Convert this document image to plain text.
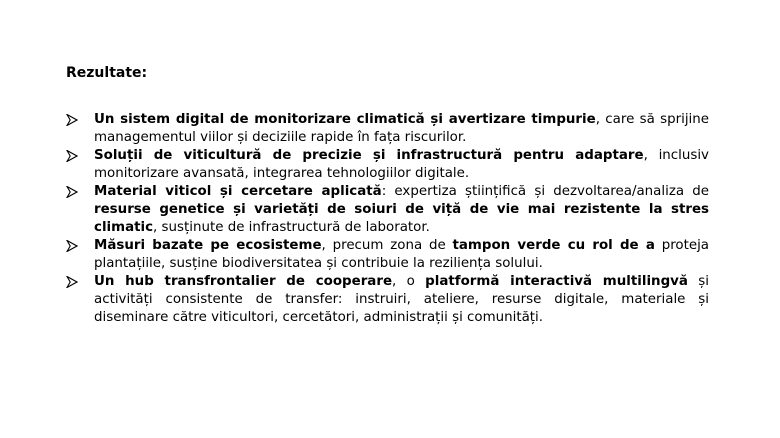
Rezultate:

Un sistem digital de monitorizare climatică și avertizare timpurie, care să sprijine managementul viilor și deciziile rapide în fața riscurilor.
Soluții de viticultură de precizie și infrastructură pentru adaptare, inclusiv monitorizare avansată, integrarea tehnologiilor digitale.
Material viticol și cercetare aplicată: expertiza științifică și dezvoltarea/analiza de resurse genetice și varietăți de soiuri de viță de vie mai rezistente la stres climatic, susținute de infrastructură de laborator.
Măsuri bazate pe ecosisteme, precum zona de tampon verde cu rol de a proteja plantațiile, susține biodiversitatea și contribuie la reziliența solului.
Un hub transfrontalier de cooperare, o platformă interactivă multilingvă și activități consistente de transfer: instruiri, ateliere, resurse digitale, materiale și diseminare către viticultori, cercetători, administrații și comunități.
